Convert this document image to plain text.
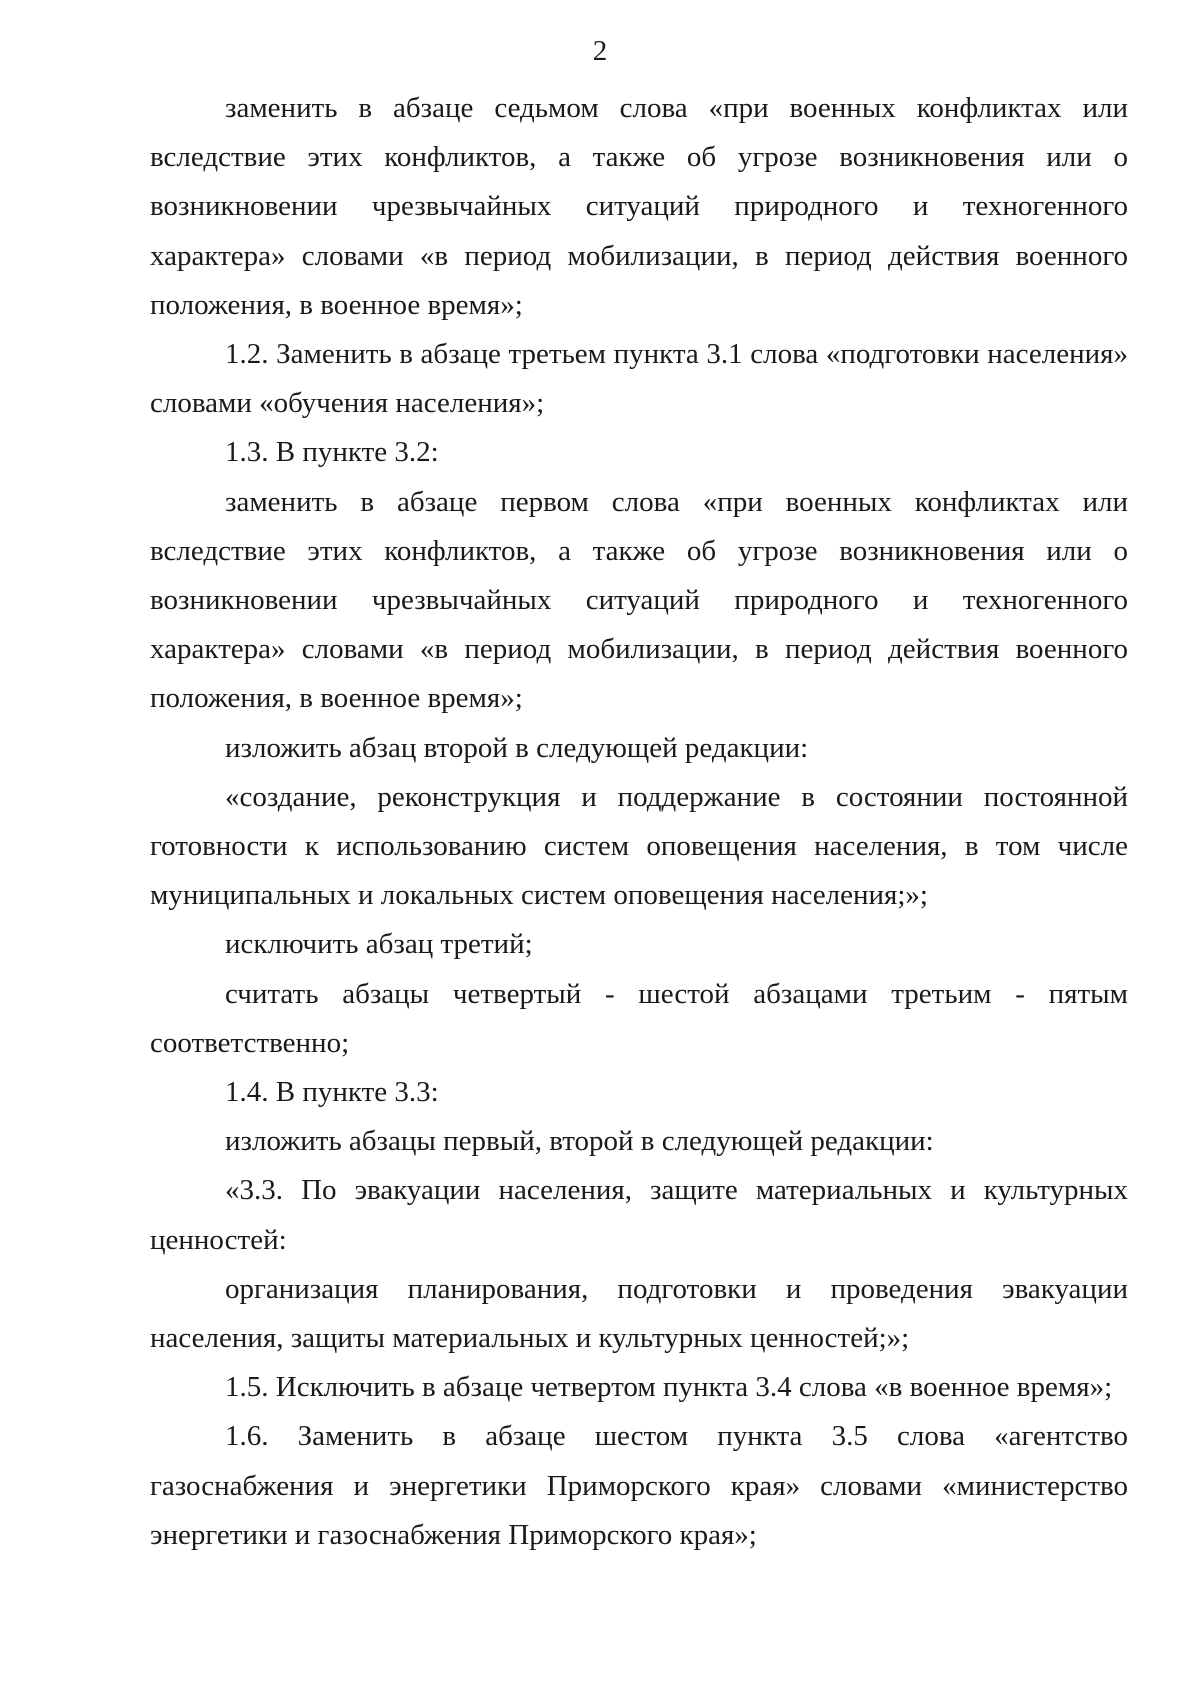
2

заменить в абзаце седьмом слова «при военных конфликтах или вследствие этих конфликтов, а также об угрозе возникновения или о возникновении чрезвычайных ситуаций природного и техногенного характера» словами «в период мобилизации, в период действия военного положения, в военное время»;

1.2. Заменить в абзаце третьем пункта 3.1 слова «подготовки населения» словами «обучения населения»;

1.3. В пункте 3.2:

заменить в абзаце первом слова «при военных конфликтах или вследствие этих конфликтов, а также об угрозе возникновения или о возникновении чрезвычайных ситуаций природного и техногенного характера» словами «в период мобилизации, в период действия военного положения, в военное время»;

изложить абзац второй в следующей редакции:

«создание, реконструкция и поддержание в состоянии постоянной готовности к использованию систем оповещения населения, в том числе муниципальных и локальных систем оповещения населения;»;

исключить абзац третий;

считать абзацы четвертый - шестой абзацами третьим - пятым соответственно;

1.4. В пункте 3.3:

изложить абзацы первый, второй в следующей редакции:

«3.3. По эвакуации населения, защите материальных и культурных ценностей:

организация планирования, подготовки и проведения эвакуации населения, защиты материальных и культурных ценностей;»;

1.5. Исключить в абзаце четвертом пункта 3.4 слова «в военное время»;

1.6. Заменить в абзаце шестом пункта 3.5 слова «агентство газоснабжения и энергетики Приморского края» словами «министерство энергетики и газоснабжения Приморского края»;
